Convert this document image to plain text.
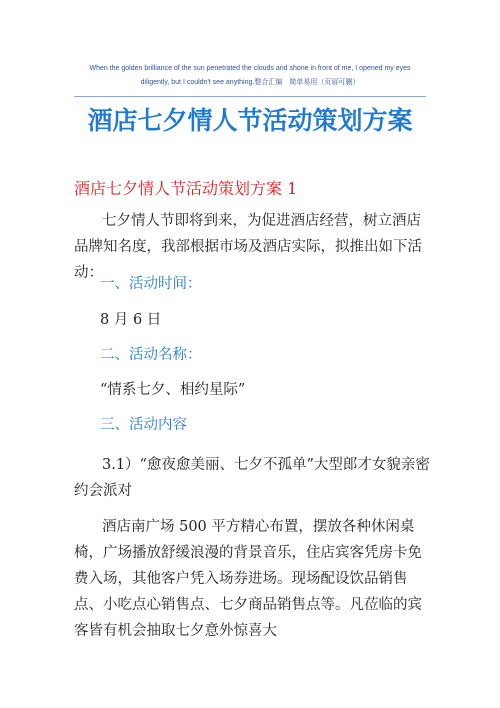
When the golden brilliance of the sun penetrated the clouds and shone in front of me, I opened my eyes
diligently, but I couldn't see anything.整合汇编　简单易用（页眉可删）
酒店七夕情人节活动策划方案
酒店七夕情人节活动策划方案 1

七夕情人节即将到来，为促进酒店经营，树立酒店品牌知名度，我部根据市场及酒店实际，拟推出如下活动：

一、活动时间：

8 月 6 日

二、活动名称：

“情系七夕、相约星际”

三、活动内容

3.1）“愈夜愈美丽、七夕不孤单”大型郎才女貌亲密约会派对

酒店南广场 500 平方精心布置，摆放各种休闲桌椅，广场播放舒缓浪漫的背景音乐，住店宾客凭房卡免费入场，其他客户凭入场券进场。现场配设饮品销售点、小吃点心销售点、七夕商品销售点等。凡莅临的宾客皆有机会抽取七夕意外惊喜大
